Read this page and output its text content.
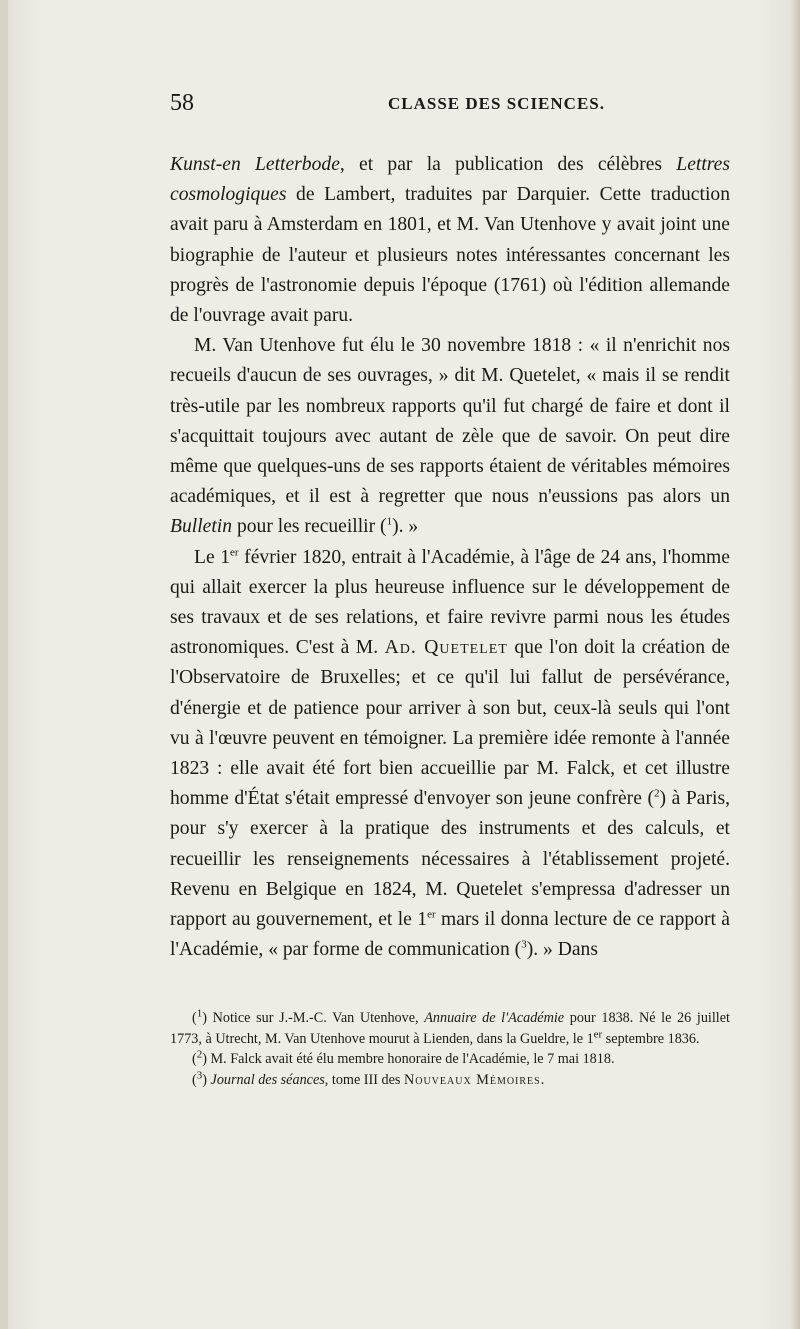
58	CLASSE DES SCIENCES.

Kunst-en Letterbode, et par la publication des célèbres Lettres cosmologiques de Lambert, traduites par Darquier. Cette traduction avait paru à Amsterdam en 1801, et M. Van Utenhove y avait joint une biographie de l'auteur et plusieurs notes intéressantes concernant les progrès de l'astronomie depuis l'époque (1761) où l'édition allemande de l'ouvrage avait paru.

M. Van Utenhove fut élu le 30 novembre 1818 : « il n'enrichit nos recueils d'aucun de ses ouvrages, » dit M. Quetelet, « mais il se rendit très-utile par les nombreux rapports qu'il fut chargé de faire et dont il s'acquittait toujours avec autant de zèle que de savoir. On peut dire même que quelques-uns de ses rapports étaient de véritables mémoires académiques, et il est à regretter que nous n'eussions pas alors un Bulletin pour les recueillir ($^1$). »

Le 1er février 1820, entrait à l'Académie, à l'âge de 24 ans, l'homme qui allait exercer la plus heureuse influence sur le développement de ses travaux et de ses relations, et faire revivre parmi nous les études astronomiques. C'est à M. Ad. Quetelet que l'on doit la création de l'Observatoire de Bruxelles; et ce qu'il lui fallut de persévérance, d'énergie et de patience pour arriver à son but, ceux-là seuls qui l'ont vu à l'œuvre peuvent en témoigner. La première idée remonte à l'année 1823 : elle avait été fort bien accueillie par M. Falck, et cet illustre homme d'État s'était empressé d'envoyer son jeune confrère ($^2$) à Paris, pour s'y exercer à la pratique des instruments et des calculs, et recueillir les renseignements nécessaires à l'établissement projeté. Revenu en Belgique en 1824, M. Quetelet s'empressa d'adresser un rapport au gouvernement, et le 1er mars il donna lecture de ce rapport à l'Académie, « par forme de communication ($^3$). » Dans

($^1$) Notice sur J.-M.-C. Van Utenhove, Annuaire de l'Académie pour 1838. Né le 26 juillet 1773, à Utrecht, M. Van Utenhove mourut à Lienden, dans la Gueldre, le 1er septembre 1836.

($^2$) M. Falck avait été élu membre honoraire de l'Académie, le 7 mai 1818.

($^3$) Journal des séances, tome III des Nouveaux Mémoires.
